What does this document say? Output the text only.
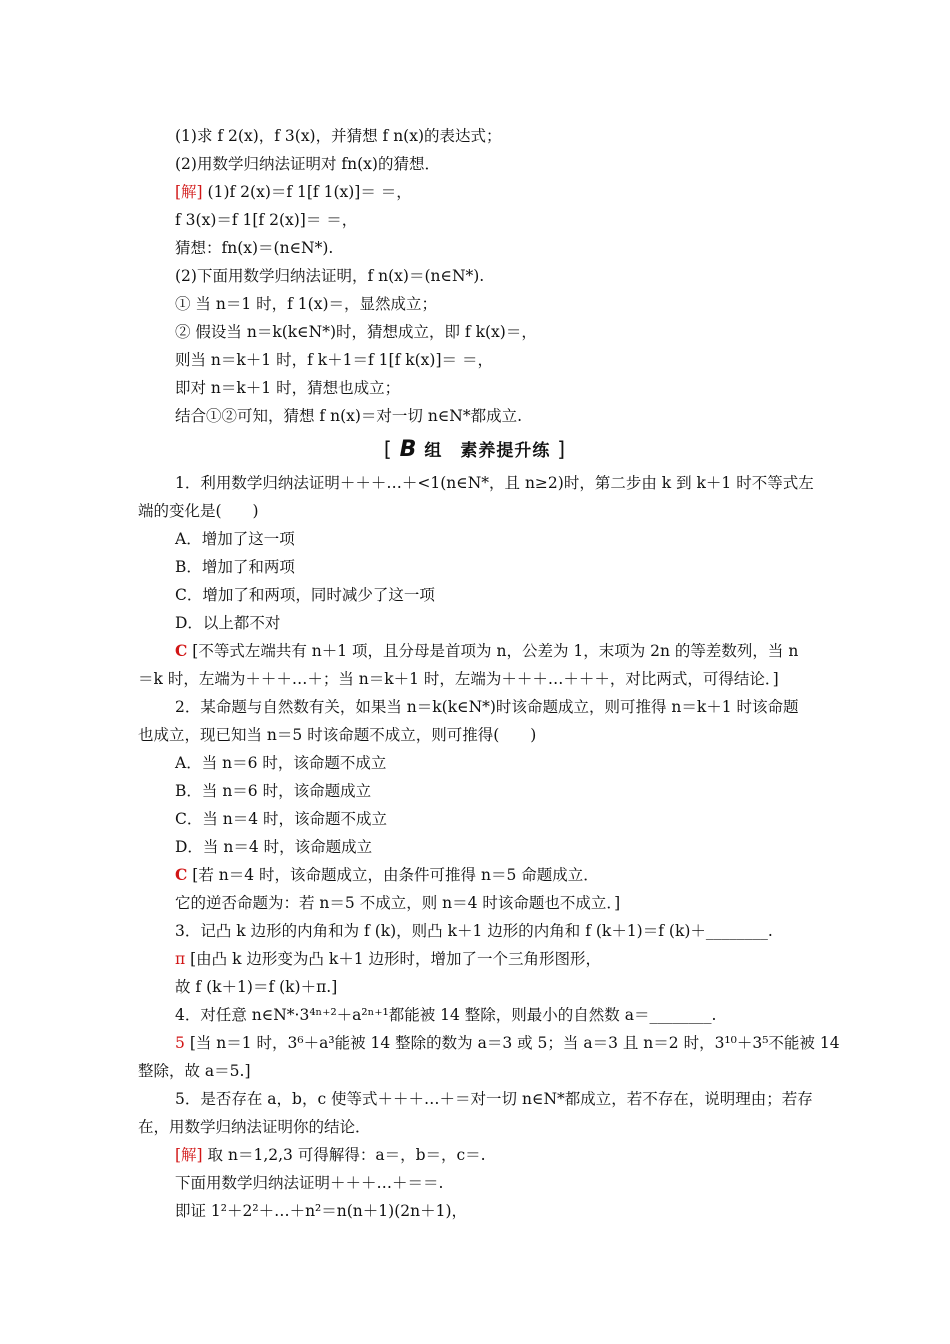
(1)求 f 2(x)，f 3(x)，并猜想 f n(x)的表达式；
(2)用数学归纳法证明对 fn(x)的猜想．
[解] (1)f 2(x)＝f 1[f 1(x)]＝ ＝，
f 3(x)＝f 1[f 2(x)]＝ ＝，
猜想：fn(x)＝(n∈N*).
(2)下面用数学归纳法证明，f n(x)＝(n∈N*).
① 当 n＝1 时，f 1(x)＝，显然成立；
② 假设当 n＝k(k∈N*)时，猜想成立，即 f k(x)＝，
则当 n＝k＋1 时，f k＋1＝f 1[f k(x)]＝ ＝，
即对 n＝k＋1 时，猜想也成立；
结合①②可知，猜想 f n(x)＝对一切 n∈N*都成立.
[ B 组　素养提升练 ]
1．利用数学归纳法证明＋＋＋…＋<1(n∈N*，且 n≥2)时，第二步由 k 到 k＋1 时不等式左
端的变化是(　　)
A．增加了这一项
B．增加了和两项
C．增加了和两项，同时减少了这一项
D．以上都不对
C [不等式左端共有 n＋1 项，且分母是首项为 n，公差为 1，末项为 2n 的等差数列，当 n
＝k 时，左端为＋＋＋…＋；当 n＝k＋1 时，左端为＋＋＋…＋＋＋，对比两式，可得结论．]
2．某命题与自然数有关，如果当 n＝k(k∈N*)时该命题成立，则可推得 n＝k＋1 时该命题
也成立，现已知当 n＝5 时该命题不成立，则可推得(　　)
A．当 n＝6 时，该命题不成立
B．当 n＝6 时，该命题成立
C．当 n＝4 时，该命题不成立
D．当 n＝4 时，该命题成立
C [若 n＝4 时，该命题成立，由条件可推得 n＝5 命题成立．
它的逆否命题为：若 n＝5 不成立，则 n＝4 时该命题也不成立．]
3．记凸 k 边形的内角和为 f (k)，则凸 k＋1 边形的内角和 f (k＋1)＝f (k)＋________.
π [由凸 k 边形变为凸 k＋1 边形时，增加了一个三角形图形，
故 f (k＋1)＝f (k)＋π.]
4．对任意 n∈N*·3⁴ⁿ⁺²＋a²ⁿ⁺¹都能被 14 整除，则最小的自然数 a＝________.
5 [当 n＝1 时，3⁶＋a³能被 14 整除的数为 a＝3 或 5；当 a＝3 且 n＝2 时，3¹⁰＋3⁵不能被 14
整除，故 a＝5.]
5．是否存在 a，b，c 使等式＋＋＋…＋＝对一切 n∈N*都成立，若不存在，说明理由；若存
在，用数学归纳法证明你的结论．
[解] 取 n＝1,2,3 可得解得：a＝，b＝，c＝.
下面用数学归纳法证明＋＋＋…＋＝＝.
即证 1²＋2²＋…＋n²＝n(n＋1)(2n＋1)，
